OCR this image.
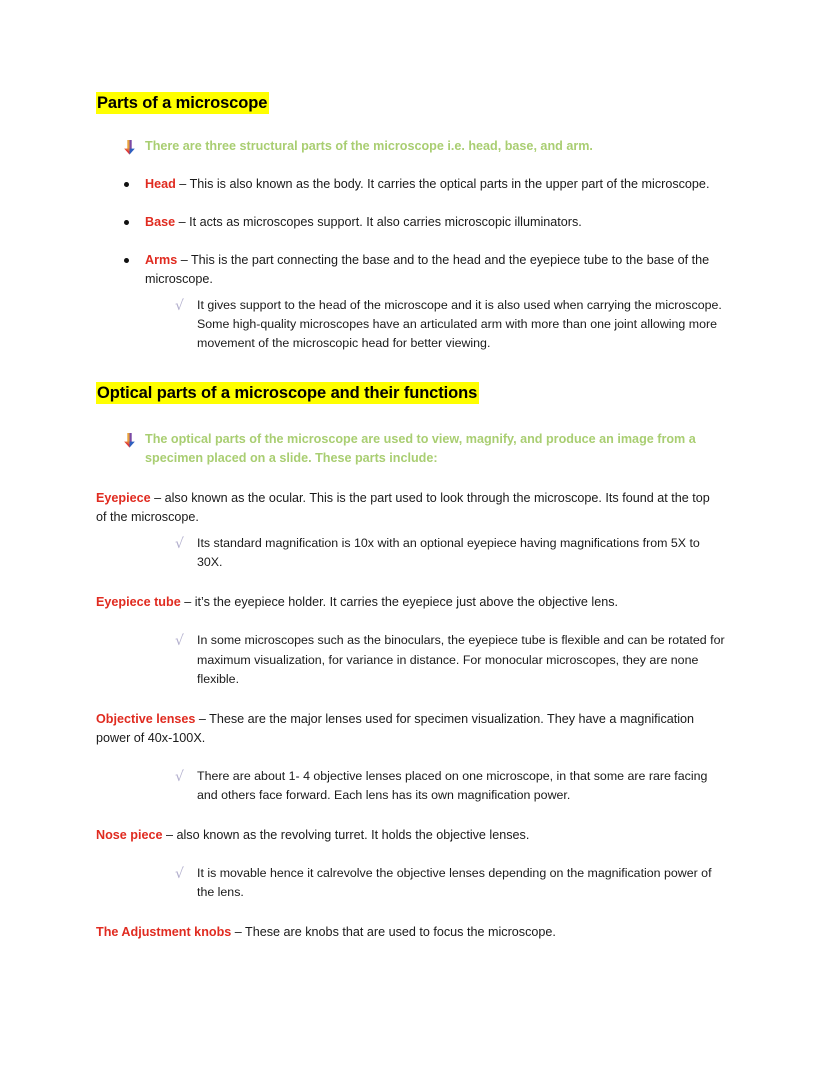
Parts of a microscope
There are three structural parts of the microscope i.e. head, base, and arm.
Head – This is also known as the body. It carries the optical parts in the upper part of the microscope.
Base – It acts as microscopes support. It also carries microscopic illuminators.
Arms – This is the part connecting the base and to the head and the eyepiece tube to the base of the microscope.
√ It gives support to the head of the microscope and it is also used when carrying the microscope. Some high-quality microscopes have an articulated arm with more than one joint allowing more movement of the microscopic head for better viewing.
Optical parts of a microscope and their functions
The optical parts of the microscope are used to view, magnify, and produce an image from a specimen placed on a slide. These parts include:
Eyepiece – also known as the ocular. This is the part used to look through the microscope. Its found at the top of the microscope.
√ Its standard magnification is 10x with an optional eyepiece having magnifications from 5X to 30X.
Eyepiece tube – it’s the eyepiece holder. It carries the eyepiece just above the objective lens.
√ In some microscopes such as the binoculars, the eyepiece tube is flexible and can be rotated for maximum visualization, for variance in distance. For monocular microscopes, they are none flexible.
Objective lenses – These are the major lenses used for specimen visualization. They have a magnification power of 40x-100X.
√ There are about 1- 4 objective lenses placed on one microscope, in that some are rare facing and others face forward. Each lens has its own magnification power.
Nose piece – also known as the revolving turret. It holds the objective lenses.
√ It is movable hence it calrevolve the objective lenses depending on the magnification power of the lens.
The Adjustment knobs – These are knobs that are used to focus the microscope.
